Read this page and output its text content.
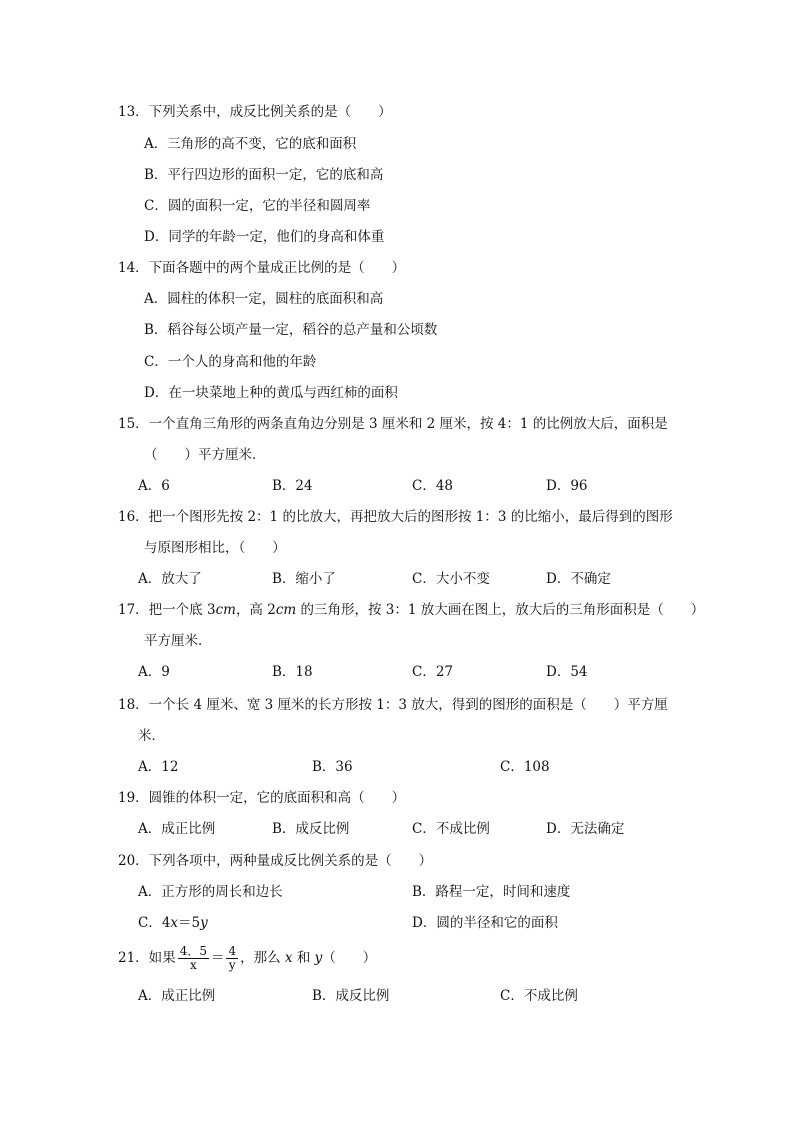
13．下列关系中，成反比例关系的是（　　）
A．三角形的高不变，它的底和面积
B．平行四边形的面积一定，它的底和高
C．圆的面积一定，它的半径和圆周率
D．同学的年龄一定，他们的身高和体重
14．下面各题中的两个量成正比例的是（　　）
A．圆柱的体积一定，圆柱的底面积和高
B．稻谷每公顷产量一定，稻谷的总产量和公顷数
C．一个人的身高和他的年龄
D．在一块菜地上种的黄瓜与西红柿的面积
15．一个直角三角形的两条直角边分别是 3 厘米和 2 厘米，按 4：1 的比例放大后，面积是
（　　）平方厘米．
A．6	B．24	C．48	D．96
16．把一个图形先按 2：1 的比放大，再把放大后的图形按 1：3 的比缩小，最后得到的图形
与原图形相比，（　　）
A．放大了	B．缩小了	C．大小不变	D．不确定
17．把一个底 3cm，高 2cm 的三角形，按 3：1 放大画在图上，放大后的三角形面积是（　　）
平方厘米．
A．9	B．18	C．27	D．54
18．一个长 4 厘米、宽 3 厘米的长方形按 1：3 放大，得到的图形的面积是（　　）平方厘
米．
A．12	B．36	C．108
19．圆锥的体积一定，它的底面积和高（　　）
A．成正比例	B．成反比例	C．不成比例	D．无法确定
20．下列各项中，两种量成反比例关系的是（　　）
A．正方形的周长和边长	B．路程一定，时间和速度
C．4x＝5y	D．圆的半径和它的面积
21．如果 $\frac{4.5}{x} = \frac{4}{y}$ ，那么 x 和 y（　　）
A．成正比例	B．成反比例	C．不成比例
